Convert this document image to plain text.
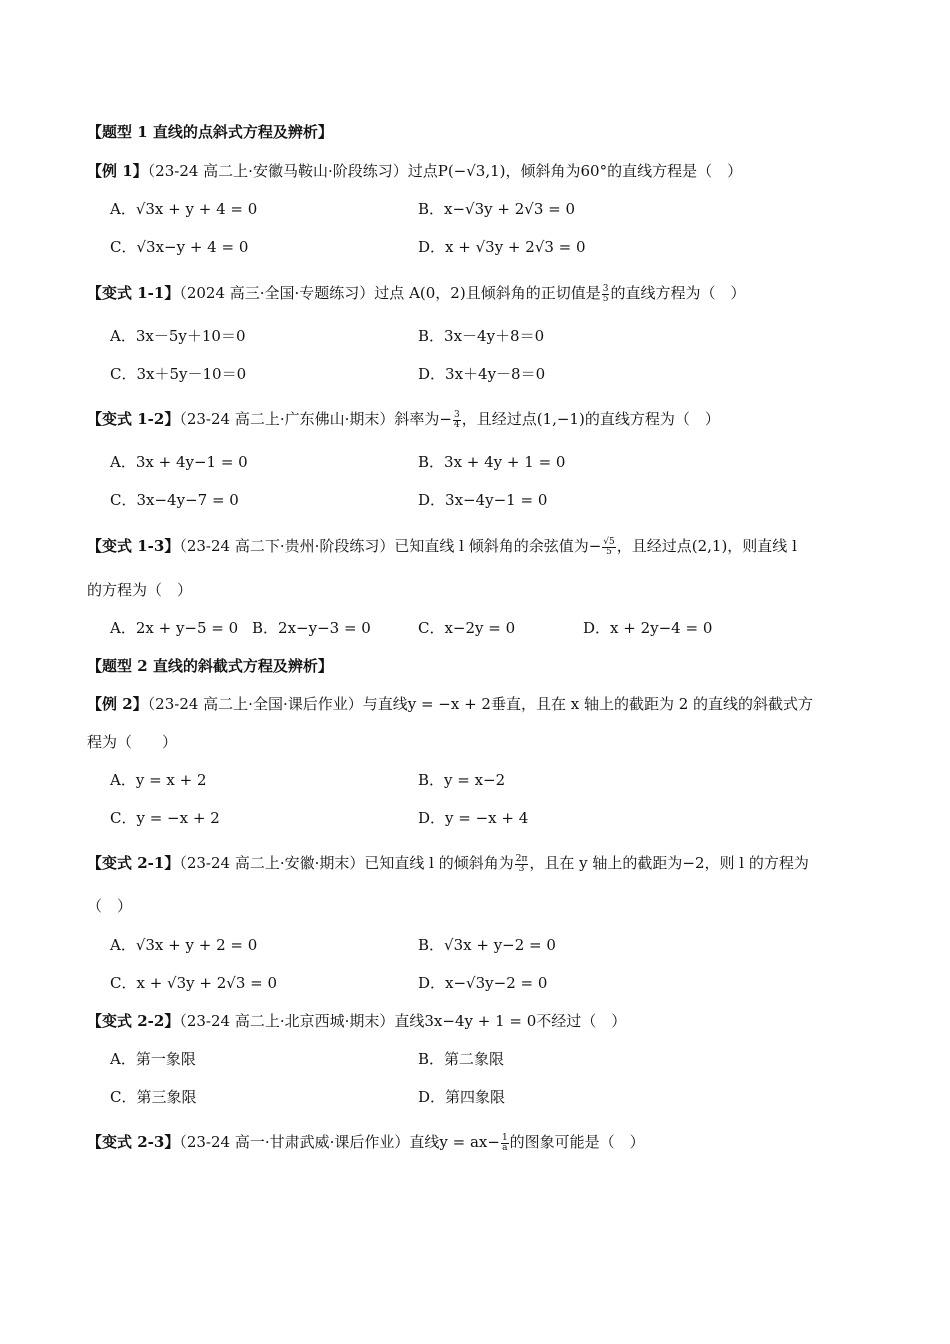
【题型 1 直线的点斜式方程及辨析】
【例 1】（23-24 高二上·安徽马鞍山·阶段练习）过点P(−√3,1)，倾斜角为60°的直线方程是（　）
A．√3x + y + 4 = 0	B．x−√3y + 2√3 = 0
C．√3x−y + 4 = 0	D．x + √3y + 2√3 = 0
【变式 1-1】（2024 高三·全国·专题练习）过点 A(0，2)且倾斜角的正切值是 $\frac{3}{5}$ 的直线方程为（　）
A．3x－5y＋10＝0	B．3x－4y＋8＝0
C．3x＋5y－10＝0	D．3x＋4y－8＝0
【变式 1-2】（23-24 高二上·广东佛山·期末）斜率为− $\frac{3}{4}$ ，且经过点(1,−1)的直线方程为（　）
A．3x + 4y−1 = 0	B．3x + 4y + 1 = 0
C．3x−4y−7 = 0	D．3x−4y−1 = 0
【变式 1-3】（23-24 高二下·贵州·阶段练习）已知直线 l 倾斜角的余弦值为− $\frac{√5}{5}$ ，且经过点(2,1)，则直线 l
的方程为（　）
A．2x + y−5 = 0 B．2x−y−3 = 0	C．x−2y = 0	D．x + 2y−4 = 0
【题型 2 直线的斜截式方程及辨析】
【例 2】（23-24 高二上·全国·课后作业）与直线y = −x + 2垂直，且在 x 轴上的截距为 2 的直线的斜截式方
程为（　　）
A．y = x + 2	B．y = x−2
C．y = −x + 2	D．y = −x + 4
【变式 2-1】（23-24 高二上·安徽·期末）已知直线 l 的倾斜角为 $\frac{2\pi}{3}$ ，且在 y 轴上的截距为−2，则 l 的方程为
（　）
A．√3x + y + 2 = 0	B．√3x + y−2 = 0
C．x + √3y + 2√3 = 0	D．x−√3y−2 = 0
【变式 2-2】（23-24 高二上·北京西城·期末）直线3x−4y + 1 = 0不经过（　）
A．第一象限	B．第二象限
C．第三象限	D．第四象限
【变式 2-3】（23-24 高一·甘肃武威·课后作业）直线$y = ax- \frac{1}{a}$ 的图象可能是（　）
